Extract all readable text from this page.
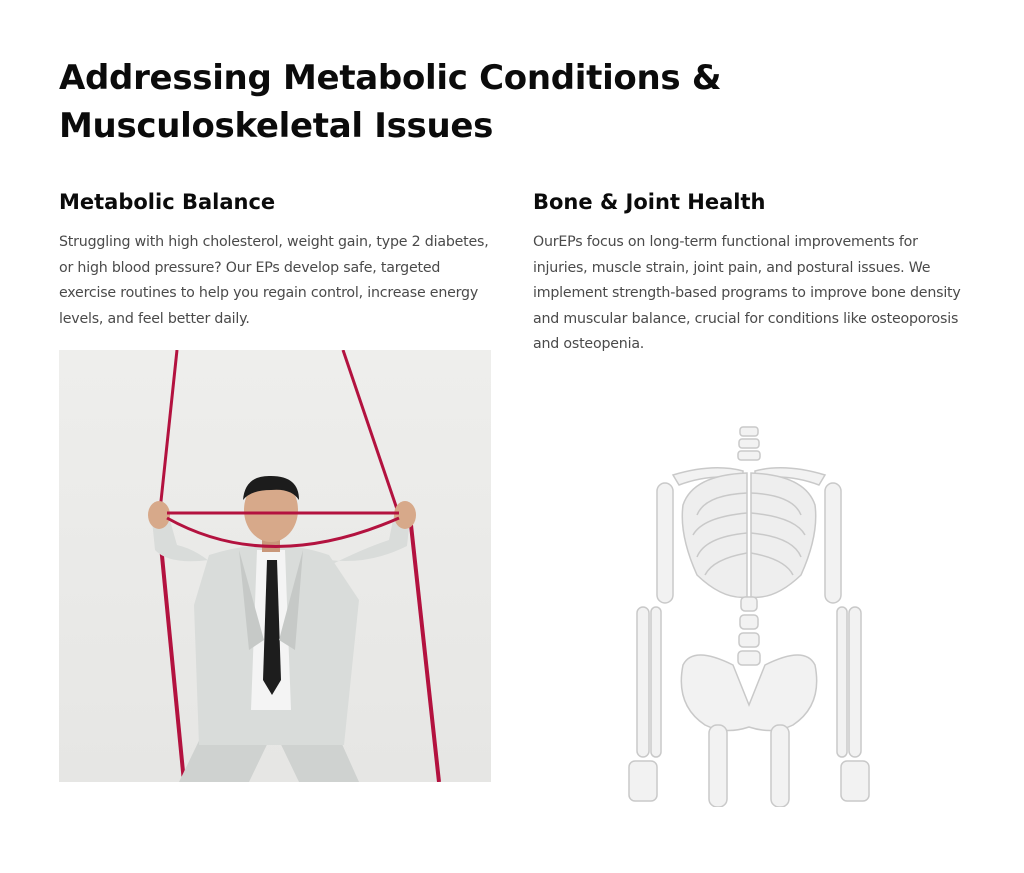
Addressing Metabolic Conditions &
Musculoskeletal Issues
Metabolic Balance

Struggling with high cholesterol, weight gain, type 2 diabetes, or high blood pressure? Our EPs develop safe, targeted exercise routines to help you regain control, increase energy levels, and feel better daily.

Bone & Joint Health

OurEPs focus on long-term functional improvements for injuries, muscle strain, joint pain, and postural issues. We implement strength-based programs to improve bone density and muscular balance, crucial for conditions like osteoporosis and osteopenia.
